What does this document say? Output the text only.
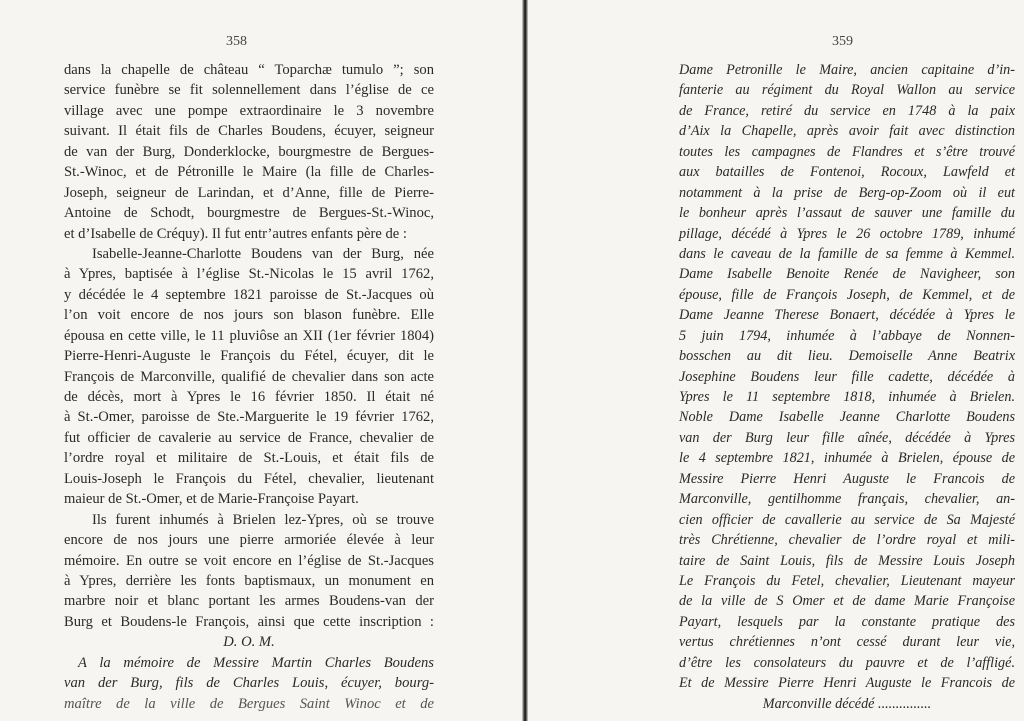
358
dans la chapelle de château “ Toparchæ tumulo ”; son
service funèbre se fit solennellement dans l’église de ce
village avec une pompe extraordinaire le 3 novembre
suivant. Il était fils de Charles Boudens, écuyer, seigneur
de van der Burg, Donderklocke, bourgmestre de Bergues-
St.-Winoc, et de Pétronille le Maire (la fille de Charles-
Joseph, seigneur de Larindan, et d’Anne, fille de Pierre-
Antoine de Schodt, bourgmestre de Bergues-St.-Winoc,
et d’Isabelle de Créquy). Il fut entr’autres enfants père de :
Isabelle-Jeanne-Charlotte Boudens van der Burg, née
à Ypres, baptisée à l’église St.-Nicolas le 15 avril 1762,
y décédée le 4 septembre 1821 paroisse de St.-Jacques où
l’on voit encore de nos jours son blason funèbre. Elle
épousa en cette ville, le 11 pluviôse an XII (1er février 1804)
Pierre-Henri-Auguste le François du Fétel, écuyer, dit le
François de Marconville, qualifié de chevalier dans son acte
de décès, mort à Ypres le 16 février 1850. Il était né
à St.-Omer, paroisse de Ste.-Marguerite le 19 février 1762,
fut officier de cavalerie au service de France, chevalier de
l’ordre royal et militaire de St.-Louis, et était fils de
Louis-Joseph le François du Fétel, chevalier, lieutenant
maieur de St.-Omer, et de Marie-Françoise Payart.
Ils furent inhumés à Brielen lez-Ypres, où se trouve
encore de nos jours une pierre armoriée élevée à leur
mémoire. En outre se voit encore en l’église de St.-Jacques
à Ypres, derrière les fonts baptismaux, un monument en
marbre noir et blanc portant les armes Boudens-van der
Burg et Boudens-le François, ainsi que cette inscription :
D. O. M.
A la mémoire de Messire Martin Charles Boudens
van der Burg, fils de Charles Louis, écuyer, bourg-
maître de la ville de Bergues Saint Winoc et de
359
Dame Petronille le Maire, ancien capitaine d’in-
fanterie au régiment du Royal Wallon au service
de France, retiré du service en 1748 à la paix
d’Aix la Chapelle, après avoir fait avec distinction
toutes les campagnes de Flandres et s’être trouvé
aux batailles de Fontenoi, Rocoux, Lawfeld et
notamment à la prise de Berg-op-Zoom où il eut
le bonheur après l’assaut de sauver une famille du
pillage, décédé à Ypres le 26 octobre 1789, inhumé
dans le caveau de la famille de sa femme à Kemmel.
Dame Isabelle Benoite Renée de Navigheer, son
épouse, fille de François Joseph, de Kemmel, et de
Dame Jeanne Therese Bonaert, décédée à Ypres le
5 juin 1794, inhumée à l’abbaye de Nonnen-
bosschen au dit lieu. Demoiselle Anne Beatrix
Josephine Boudens leur fille cadette, décédée à
Ypres le 11 septembre 1818, inhumée à Brielen.
Noble Dame Isabelle Jeanne Charlotte Boudens
van der Burg leur fille aînée, décédée à Ypres
le 4 septembre 1821, inhumée à Brielen, épouse de
Messire Pierre Henri Auguste le Francois de
Marconville, gentilhomme français, chevalier, an-
cien officier de cavallerie au service de Sa Majesté
très Chrétienne, chevalier de l’ordre royal et mili-
taire de Saint Louis, fils de Messire Louis Joseph
Le François du Fetel, chevalier, Lieutenant mayeur
de la ville de S Omer et de dame Marie Françoise
Payart, lesquels par la constante pratique des
vertus chrétiennes n’ont cessé durant leur vie,
d’être les consolateurs du pauvre et de l’affligé.
Et de Messire Pierre Henri Auguste le Francois de
Marconville décédé ...............
